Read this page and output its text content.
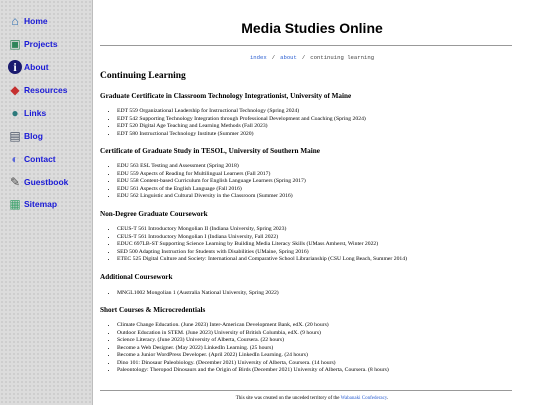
⌂ Home
▣ Projects
i About
◆ Resources
● Links
▤ Blog
◐ Contact
✎ Guestbook
▦ Sitemap
Media Studies Online
index / about / continuing learning
Continuing Learning
Graduate Certificate in Classroom Technology Integrationist, University of Maine
• EDT 559 Organizational Leadership for Instructional Technology (Spring 2024)
• EDT 542 Supporting Technology Integration through Professional Development and Coaching (Spring 2024)
• EDT 520 Digital Age Teaching and Learning Methods (Fall 2023)
• EDT 580 Instructional Technology Institute (Summer 2020)
Certificate of Graduate Study in TESOL, University of Southern Maine
• EDU 563 ESL Testing and Assessment (Spring 2018)
• EDU 559 Aspects of Reading for Multilingual Learners (Fall 2017)
• EDU 558 Content-based Curriculum for English Language Learners (Spring 2017)
• EDU 561 Aspects of the English Language (Fall 2016)
• EDU 562 Linguistic and Cultural Diversity in the Classroom (Summer 2016)
Non-Degree Graduate Coursework
• CEUS-T 561 Introductory Mongolian II (Indiana University, Spring 2023)
• CEUS-T 561 Introductory Mongolian I (Indiana University, Fall 2022)
• EDUC 697LB-ST Supporting Science Learning by Building Media Literacy Skills (UMass Amherst, Winter 2022)
• SED 500 Adapting Instruction for Students with Disabilities (UMaine, Spring 2016)
• ETEC 525 Digital Culture and Society: International and Comparative School Librarianship (CSU Long Beach, Summer 2014)
Additional Coursework
• MNGL1002 Mongolian 1 (Australia National University, Spring 2022)
Short Courses & Microcredentials
• Climate Change Education. (June 2023) Inter-American Development Bank, edX. (20 hours)
• Outdoor Education in STEM. (June 2023) University of British Columbia, edX. (9 hours)
• Science Literacy. (June 2023) University of Alberta, Coursera. (22 hours)
• Become a Web Designer. (May 2022) LinkedIn Learning. (25 hours)
• Become a Junior WordPress Developer. (April 2022) LinkedIn Learning. (24 hours)
• Dino 101: Dinosaur Paleobiology. (December 2021) University of Alberta, Coursera. (14 hours)
• Paleontology: Theropod Dinosaurs and the Origin of Birds (December 2021) University of Alberta, Coursera. (8 hours)
This site was created on the unceded territory of the Wabanaki Confederacy.
